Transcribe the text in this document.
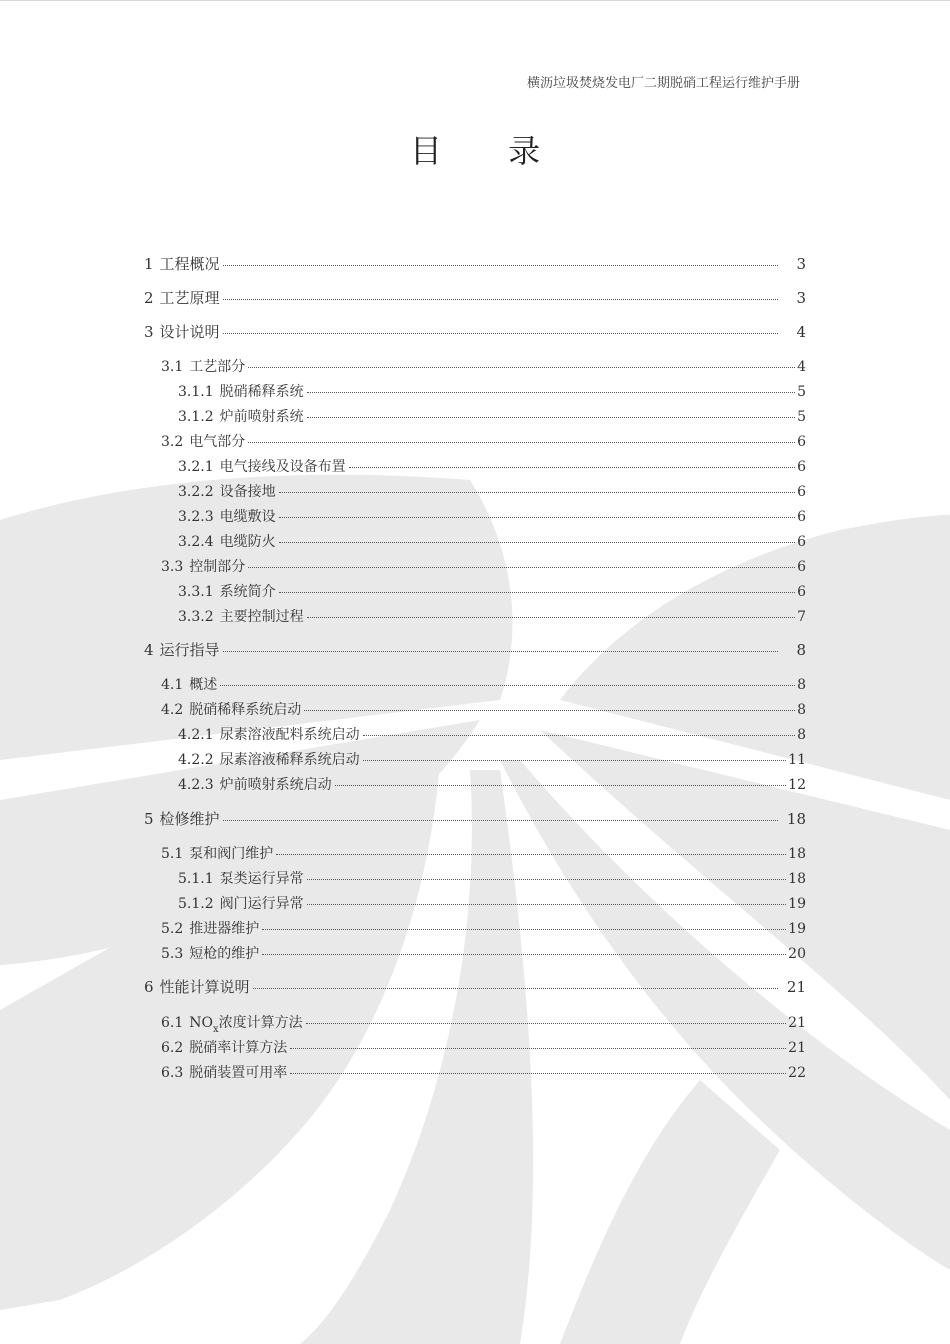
横沥垃圾焚烧发电厂二期脱硝工程运行维护手册
目 录
1 工程概况	3
2 工艺原理	3
3 设计说明	4
3.1 工艺部分	4
3.1.1 脱硝稀释系统	5
3.1.2 炉前喷射系统	5
3.2 电气部分	6
3.2.1 电气接线及设备布置	6
3.2.2 设备接地	6
3.2.3 电缆敷设	6
3.2.4 电缆防火	6
3.3 控制部分	6
3.3.1 系统简介	6
3.3.2 主要控制过程	7
4 运行指导	8
4.1 概述	8
4.2 脱硝稀释系统启动	8
4.2.1 尿素溶液配料系统启动	8
4.2.2 尿素溶液稀释系统启动	11
4.2.3 炉前喷射系统启动	12
5 检修维护	18
5.1 泵和阀门维护	18
5.1.1 泵类运行异常	18
5.1.2 阀门运行异常	19
5.2 推进器维护	19
5.3 短枪的维护	20
6 性能计算说明	21
6.1 $NO_x$浓度计算方法	21
6.2 脱硝率计算方法	21
6.3 脱硝装置可用率	22
